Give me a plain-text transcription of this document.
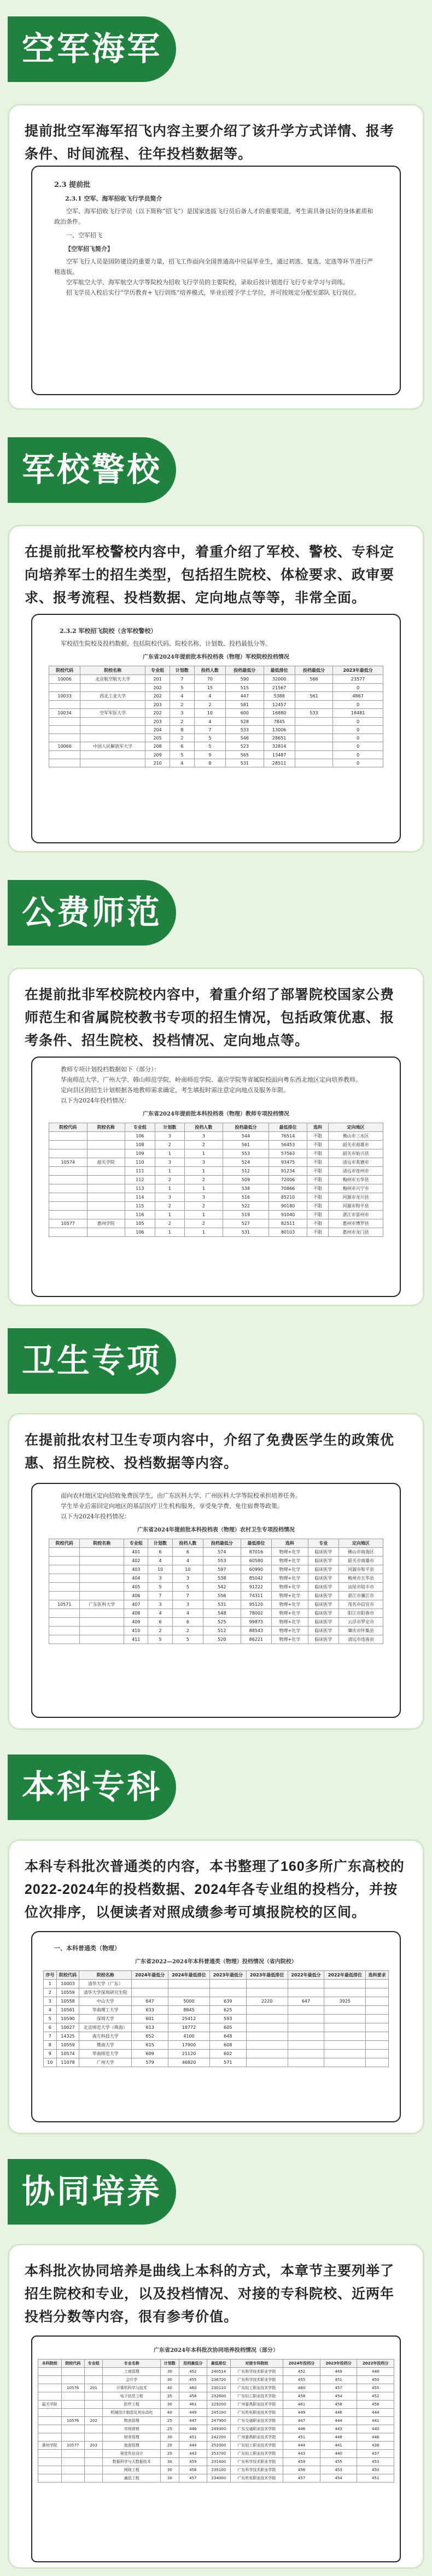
空军海军
提前批空军海军招飞内容主要介绍了该升学方式详情、报考条件、时间流程、往年投档数据等。

2.3 提前批

2.3.1 空军、海军招收飞行学员简介

空军、海军招收飞行学员（以下简称“招飞”）是国家选拔飞行员后备人才的重要渠道，考生需具备良好的身体素质和政治条件。

一、空军招飞

【空军招飞简介】

空军飞行人员是国防建设的重要力量，招飞工作面向全国普通高中应届毕业生，通过初选、复选、定选等环节进行严格选拔。

空军航空大学、海军航空大学等院校为招收飞行学员的主要院校，录取后按计划进行飞行专业学习与训练。

招飞学员入校后实行“学历教育+飞行训练”培养模式，毕业后授予学士学位，并可按规定分配至部队飞行岗位。

军校警校
在提前批军校警校内容中，着重介绍了军校、警校、专科定向培养军士的招生类型，包括招生院校、体检要求、政审要求、报考流程、投档数据、定向地点等等，非常全面。

2.3.2 军校招飞院校（含军校警校）

军校招生院校及投档数据，包括院校代码、院校名称、计划数、投档最低分等。

广东省2024年提前批本科投档表（物理）军校院校投档情况

院校代码	院校名称	专业组	计划数	投档人数	投档最低分	最低排位	投档最低分	2023年最低分
10006	北京航空航天大学	201	7	70	590	32000	566	23577
		202	5	15	515	21567		0
10033	西北工业大学	202	4	4	447	5388	561	4867
		203	2	2	581	12457		0
10034	空军军医大学	202	3	10	600	16880	533	18481
		203	2	4	528	7845		0
		204	8	7	533	13006		0
		205	2	5	546	28651		0
10066	中国人民解放军大学	208	6	5	523	32814		0
		209	5	9	565	13487		0
		210	4	8	531	28511		0
公费师范
在提前批非军校院校内容中，着重介绍了部署院校国家公费师范生和省属院校教书专项的招生情况，包括政策优惠、报考条件、招生院校、投档情况、定向地点等。

教师专项计划投档数据如下（部分）：

华南师范大学、广州大学、韩山师范学院、岭南师范学院、嘉应学院等省属院校面向粤东西北地区定向培养教师。

定向县区的招生计划根据各地教师需求确定，考生填报时需注意定向地点及服务年限。

以下为2024年投档情况：

广东省2024年提前批本科投档表（物理）教师专项投档情况

院校代码	院校名称	专业组	计划数	投档人数	投档最低分	最低排位	选科	定向地区
		106	3	3	544	76514	不限	佛山市三水区
		108	2	2	561	56453	不限	韶关市南雄市
		109	1	1	553	57563	不限	韶关市始兴县
10574	韶关学院	110	3	3	524	93475	不限	清远市英德市
		111	1	1	512	91234	不限	清远市连州市
		112	2	2	509	72006	不限	梅州市五华县
		113	1	1	538	70866	不限	梅州市兴宁市
		114	3	3	516	85210	不限	河源市龙川县
		115	2	2	522	90180	不限	河源市和平县
		116	1	1	519	91040	不限	湛江市雷州市
10577	惠州学院	105	2	2	527	82511	不限	惠州市博罗县
		106	1	1	531	80103	不限	惠州市龙门县
卫生专项
在提前批农村卫生专项内容中，介绍了免费医学生的政策优惠、招生院校、投档数据等内容。

面向农村地区定向招收免费医学生，由广东医科大学、广州医科大学等院校承担培养任务。

学生毕业后需回定向地区的基层医疗卫生机构服务，享受免学费、免住宿费等政策。

以下为2024年投档情况：

广东省2024年提前批本科投档表（物理）农村卫生专项投档情况

院校代码	院校名称	专业组	计划数	投档人数	投档最低分	最低排位	选科	专业	定向地区
		401	6	6	574	87016	物理+化学	临床医学	佛山市南海区
		402	4	4	553	60580	物理+化学	临床医学	韶关市南雄市
		403	10	10	597	60990	物理+化学	临床医学	河源市和平县
		404	3	3	538	85042	物理+化学	临床医学	梅州市五华县
		405	5	5	542	91222	物理+化学	临床医学	汕尾市陆丰市
		406	7	7	556	74311	物理+化学	临床医学	湛江市廉江市
10571	广东医科大学	407	3	3	531	95120	物理+化学	临床医学	茂名市信宜市
		408	4	4	548	78002	物理+化学	临床医学	阳江市阳春市
		409	6	6	525	99873	物理+化学	临床医学	云浮市罗定市
		410	2	2	512	88543	物理+化学	临床医学	肇庆市怀集县
		411	5	5	520	86221	物理+化学	临床医学	清远市连南县
本科专科
本科专科批次普通类的内容，本书整理了160多所广东高校的2022-2024年的投档数据、2024年各专业组的投档分，并按位次排序，以便读者对照成绩参考可填报院校的区间。

一、本科普通类（物理）

广东省2022—2024年本科普通类（物理）投档情况（省内院校）

序号	院校代码	院校名称	2024年最低分	2024年最低排位	2023年最低分	2023年最低排位	2022年最低分	2022年最低排位	选科要求
1	10003	清华大学（广东）							
2	10559	清华大学深圳研究生院							
3	10558	中山大学	647	5000	639	2220	647	3925	
4	10561	华南理工大学	633	8845	625				
5	10590	深圳大学	601	25412	593				
6	10027	北京师范大学（珠海）	613	18772	605				
7	14325	南方科技大学	652	4100	648				
8	10559	暨南大学	615	17900	608				
9	10574	华南师范大学	609	21120	602				
10	11078	广州大学	579	46820	571				
协同培养
本科批次协同培养是曲线上本科的方式，本章节主要列举了招生院校和专业，以及投档情况、对接的专科院校、近两年投档分数等内容，很有参考价值。

广东省2024年本科批次协同培养投档情况（部分）

本科院校	院校代码	专业组	专业名称	计划数	投档最低分	最低排位	对接专科院校	2024年投档分	2023年投档分	2022年投档分
			工商管理	30	452	240514	广东科学技术职业学院	452	449	448
			会计学	30	455	236720	广东科学技术职业学院	455	451	450
	10576	201	计算机科学与技术	40	460	230110	广东轻工职业技术学院	460	457	455
			电子信息工程	35	458	232600	广东轻工职业技术学院	458	454	452
韶关学院			软件工程	30	461	229200	广州番禺职业技术学院	461	458	456
			机械设计制造及其自动化	40	449	245100	广东机电职业技术学院	449	446	444
	10576	202	物流管理	25	447	247900	广东交通职业技术学院	447	444	441
			市场营销	25	446	249300	广东交通职业技术学院	446	443	440
			财务管理	30	451	242200	广州番禺职业技术学院	451	448	446
惠州学院	10577	203	旅游管理	20	444	252000	广东轻工职业技术学院	444	441	438
			视觉传达设计	20	443	253700	广东轻工职业技术学院	443	440	437
			数据科学与大数据技术	30	459	231400	广东科学技术职业学院	459	455	453
			网络工程	30	456	235100	广东科学技术职业学院	456	453	450
			通信工程	30	457	234000	广东机电职业技术学院	457	454	451
